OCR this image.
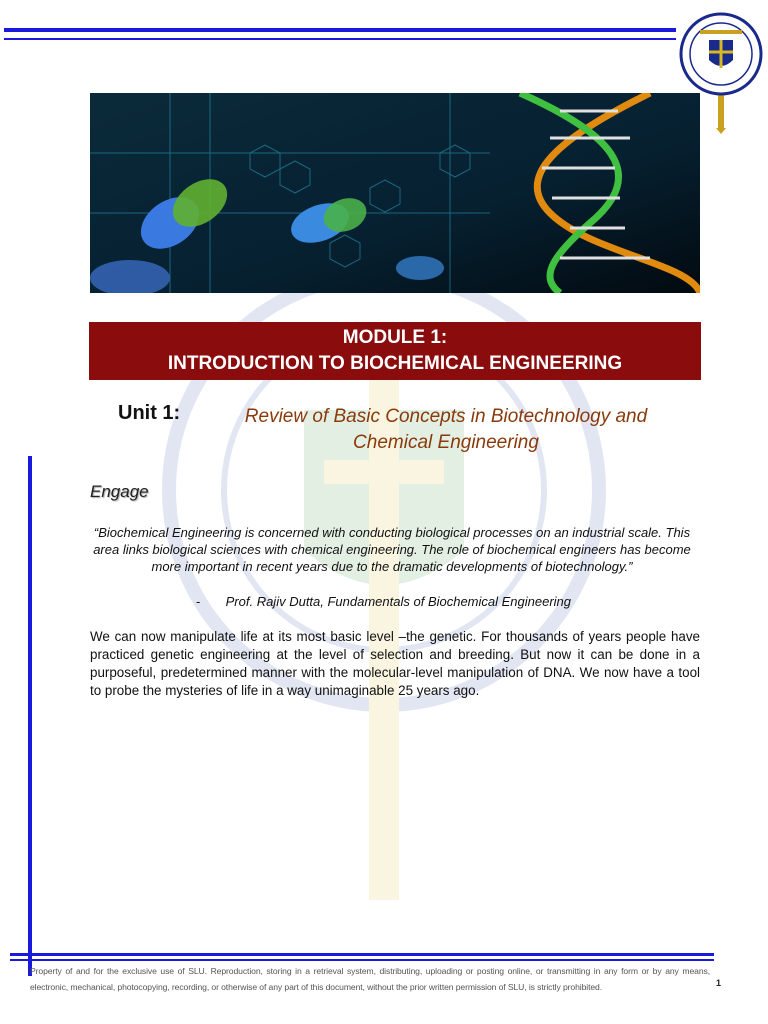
MODULE 1:
INTRODUCTION TO BIOCHEMICAL ENGINEERING
Unit 1:	Review of Basic Concepts in Biotechnology and Chemical Engineering
Engage
“Biochemical Engineering is concerned with conducting biological processes on an industrial scale. This area links biological sciences with chemical engineering. The role of biochemical engineers has become more important in recent years due to the dramatic developments of biotechnology.”
- Prof. Rajiv Dutta, Fundamentals of Biochemical Engineering
We can now manipulate life at its most basic level –the genetic. For thousands of years people have practiced genetic engineering at the level of selection and breeding. But now it can be done in a purposeful, predetermined manner with the molecular-level manipulation of DNA. We now have a tool to probe the mysteries of life in a way unimaginable 25 years ago.
Property of and for the exclusive use of SLU. Reproduction, storing in a retrieval system, distributing, uploading or posting online, or transmitting in any form or by any means, electronic, mechanical, photocopying, recording, or otherwise of any part of this document, without the prior written permission of SLU, is strictly prohibited.	1
